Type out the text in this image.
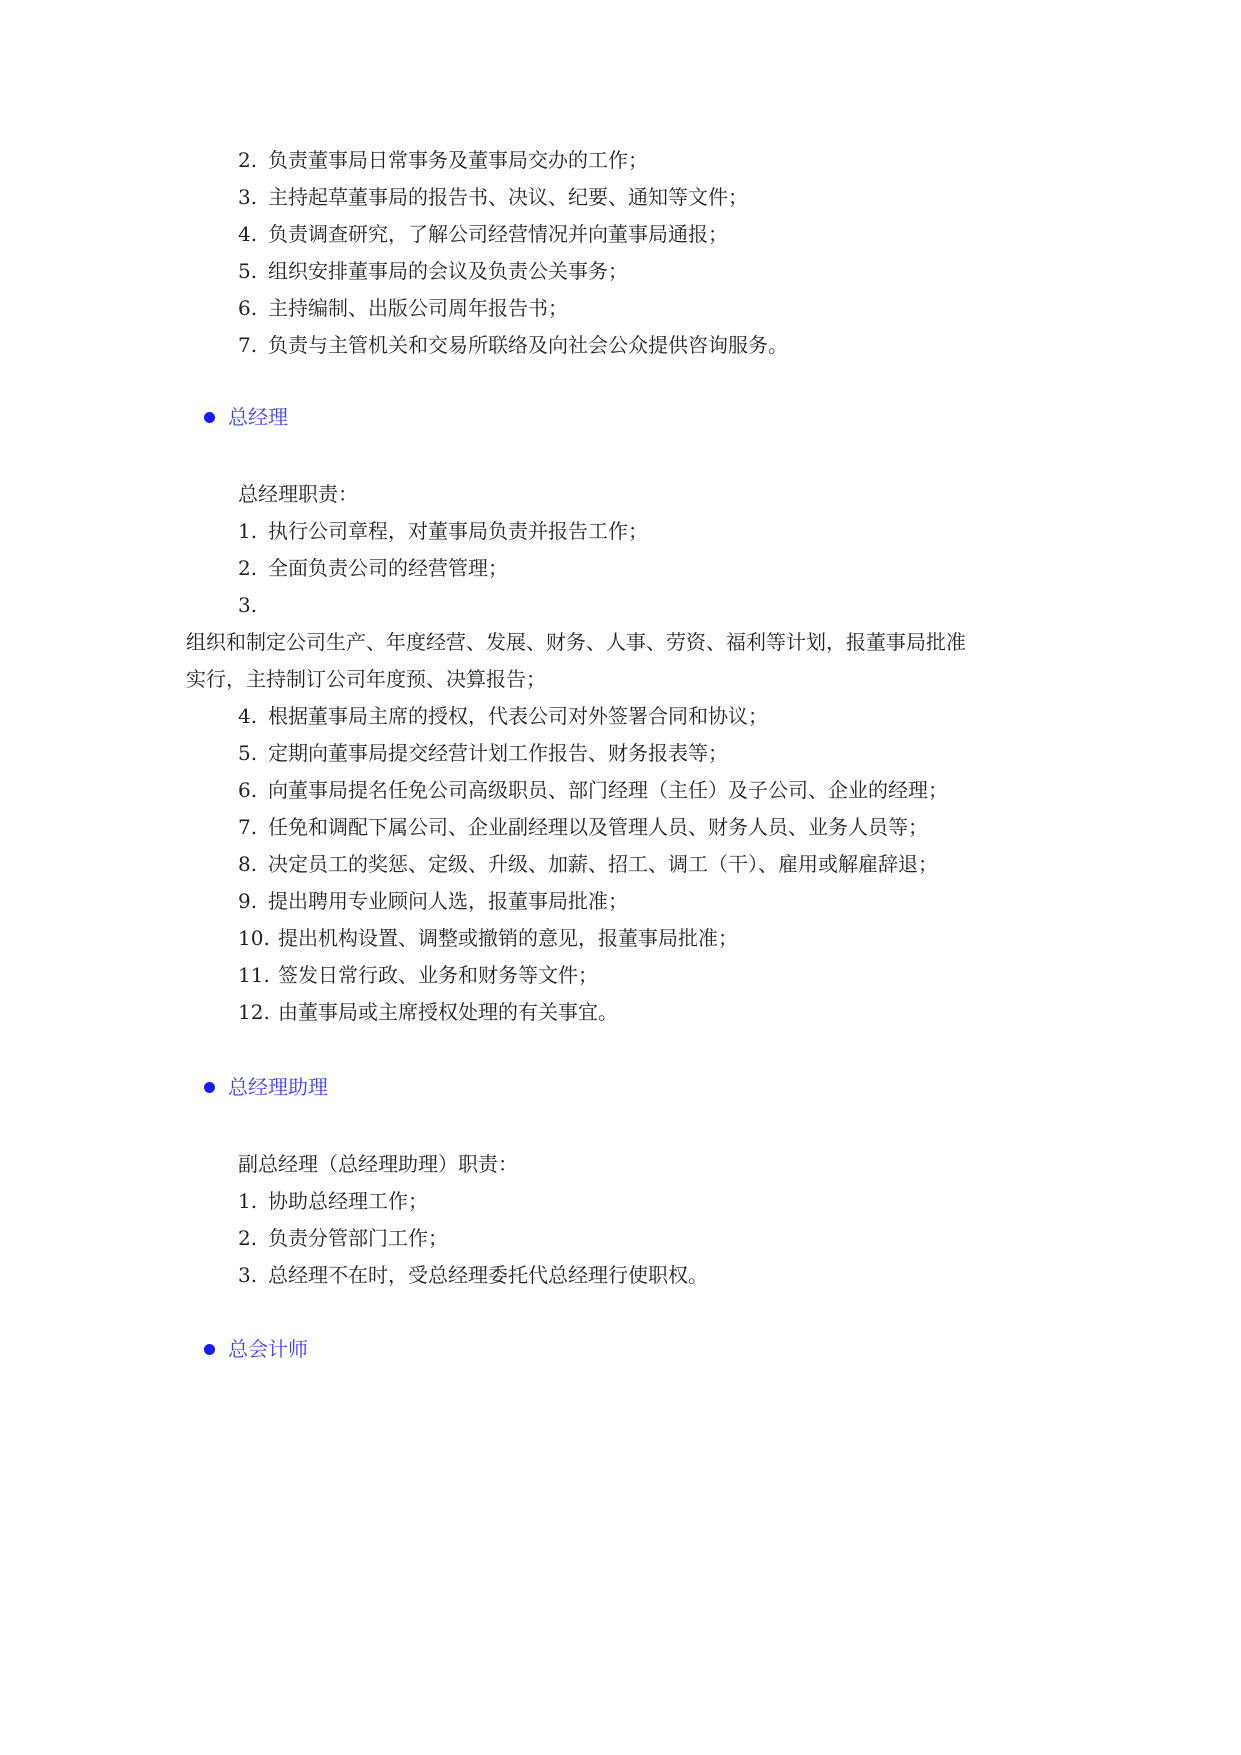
2. 负责董事局日常事务及董事局交办的工作；
3. 主持起草董事局的报告书、决议、纪要、通知等文件；
4. 负责调查研究，了解公司经营情况并向董事局通报；
5. 组织安排董事局的会议及负责公关事务；
6. 主持编制、出版公司周年报告书；
7. 负责与主管机关和交易所联络及向社会公众提供咨询服务。
总经理
总经理职责：
1. 执行公司章程，对董事局负责并报告工作；
2. 全面负责公司的经营管理；
3.
组织和制定公司生产、年度经营、发展、财务、人事、劳资、福利等计划，报董事局批准
实行，主持制订公司年度预、决算报告；
4. 根据董事局主席的授权，代表公司对外签署合同和协议；
5. 定期向董事局提交经营计划工作报告、财务报表等；
6. 向董事局提名任免公司高级职员、部门经理（主任）及子公司、企业的经理；
7. 任免和调配下属公司、企业副经理以及管理人员、财务人员、业务人员等；
8. 决定员工的奖惩、定级、升级、加薪、招工、调工（干）、雇用或解雇辞退；
9. 提出聘用专业顾问人选，报董事局批准；
10. 提出机构设置、调整或撤销的意见，报董事局批准；
11. 签发日常行政、业务和财务等文件；
12. 由董事局或主席授权处理的有关事宜。
总经理助理
副总经理（总经理助理）职责：
1. 协助总经理工作；
2. 负责分管部门工作；
3. 总经理不在时，受总经理委托代总经理行使职权。
总会计师
